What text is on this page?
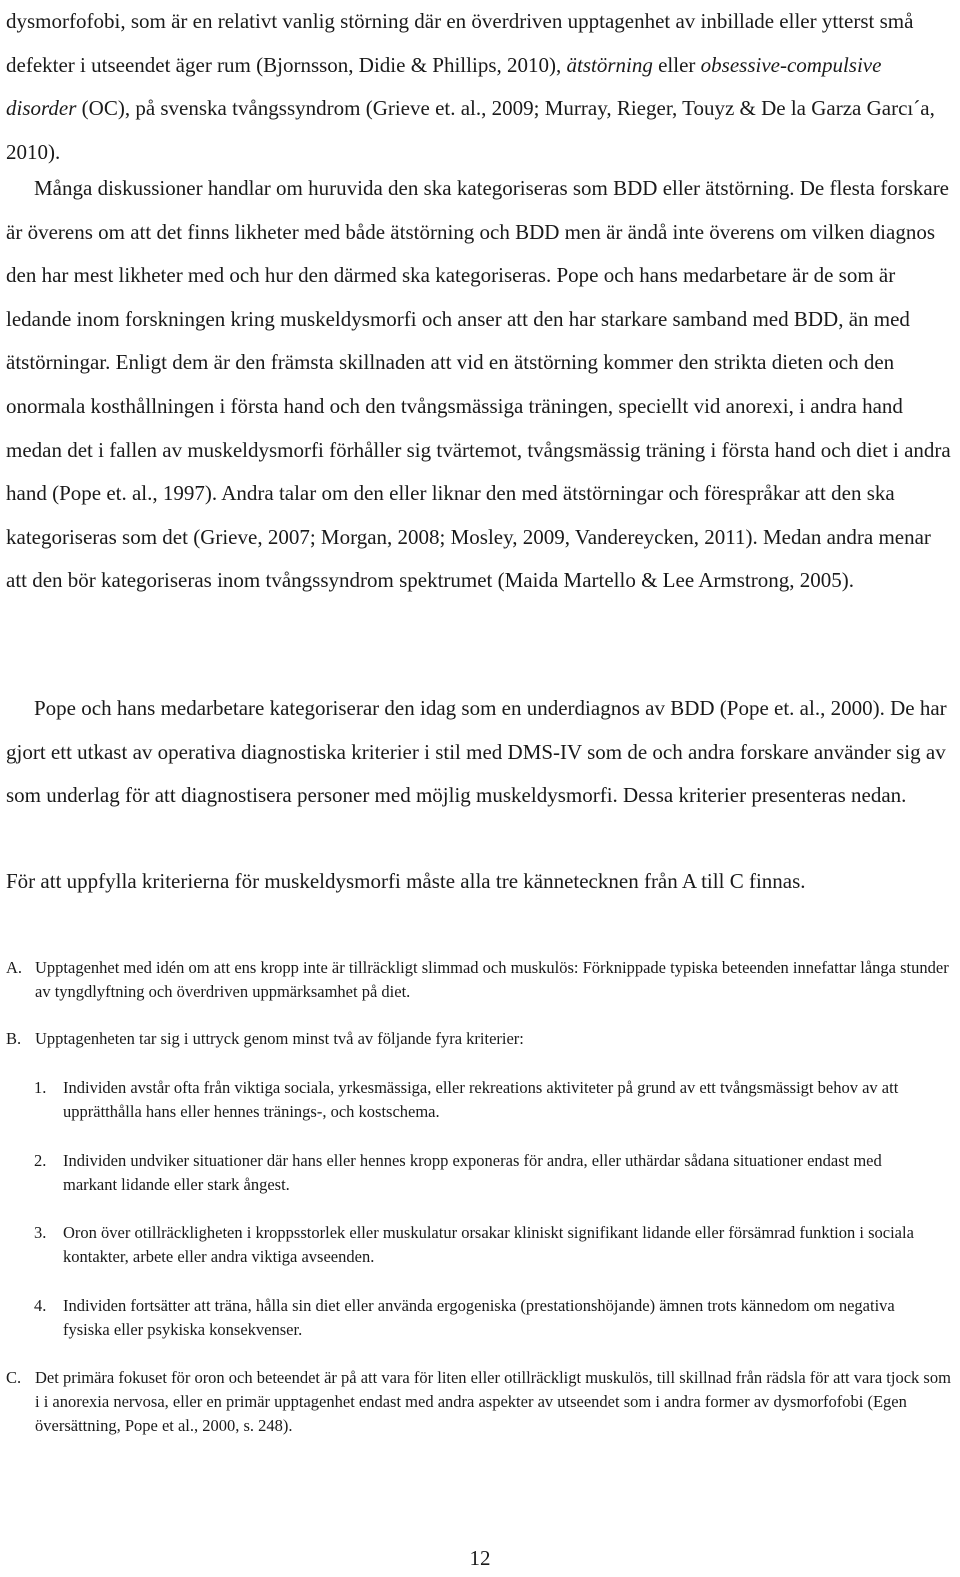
dysmorfofobi, som är en relativt vanlig störning där en överdriven upptagenhet av inbillade eller ytterst små defekter i utseendet äger rum (Bjornsson, Didie & Phillips, 2010), ätstörning eller obsessive-compulsive disorder (OC), på svenska tvångssyndrom (Grieve et. al., 2009; Murray, Rieger, Touyz & De la Garza Garcı´a, 2010).

Många diskussioner handlar om huruvida den ska kategoriseras som BDD eller ätstörning. De flesta forskare är överens om att det finns likheter med både ätstörning och BDD men är ändå inte överens om vilken diagnos den har mest likheter med och hur den därmed ska kategoriseras. Pope och hans medarbetare är de som är ledande inom forskningen kring muskeldysmorfi och anser att den har starkare samband med BDD, än med ätstörningar. Enligt dem är den främsta skillnaden att vid en ätstörning kommer den strikta dieten och den onormala kosthållningen i första hand och den tvångsmässiga träningen, speciellt vid anorexi, i andra hand medan det i fallen av muskeldysmorfi förhåller sig tvärtemot, tvångsmässig träning i första hand och diet i andra hand (Pope et. al., 1997). Andra talar om den eller liknar den med ätstörningar och förespråkar att den ska kategoriseras som det (Grieve, 2007; Morgan, 2008; Mosley, 2009, Vandereycken, 2011). Medan andra menar att den bör kategoriseras inom tvångssyndrom spektrumet (Maida Martello & Lee Armstrong, 2005).

Pope och hans medarbetare kategoriserar den idag som en underdiagnos av BDD (Pope et. al., 2000). De har gjort ett utkast av operativa diagnostiska kriterier i stil med DMS-IV som de och andra forskare använder sig av som underlag för att diagnostisera personer med möjlig muskeldysmorfi. Dessa kriterier presenteras nedan.

För att uppfylla kriterierna för muskeldysmorfi måste alla tre kännetecknen från A till C finnas.

A. Upptagenhet med idén om att ens kropp inte är tillräckligt slimmad och muskulös: Förknippade typiska beteenden innefattar långa stunder av tyngdlyftning och överdriven uppmärksamhet på diet.
B. Upptagenheten tar sig i uttryck genom minst två av följande fyra kriterier:
1.	Individen avstår ofta från viktiga sociala, yrkesmässiga, eller rekreations aktiviteter på grund av ett tvångsmässigt behov av att upprätthålla hans eller hennes tränings-, och kostschema.
2.	Individen undviker situationer där hans eller hennes kropp exponeras för andra, eller uthärdar sådana situationer endast med markant lidande eller stark ångest.
3.	Oron över otillräckligheten i kroppsstorlek eller muskulatur orsakar kliniskt signifikant lidande eller försämrad funktion i sociala kontakter, arbete eller andra viktiga avseenden.
4.	Individen fortsätter att träna, hålla sin diet eller använda ergogeniska (prestationshöjande) ämnen trots kännedom om negativa fysiska eller psykiska konsekvenser.
C. Det primära fokuset för oron och beteendet är på att vara för liten eller otillräckligt muskulös, till skillnad från rädsla för att vara tjock som i i anorexia nervosa, eller en primär upptagenhet endast med andra aspekter av utseendet som i andra former av dysmorfofobi (Egen översättning, Pope et al., 2000, s. 248).
12
